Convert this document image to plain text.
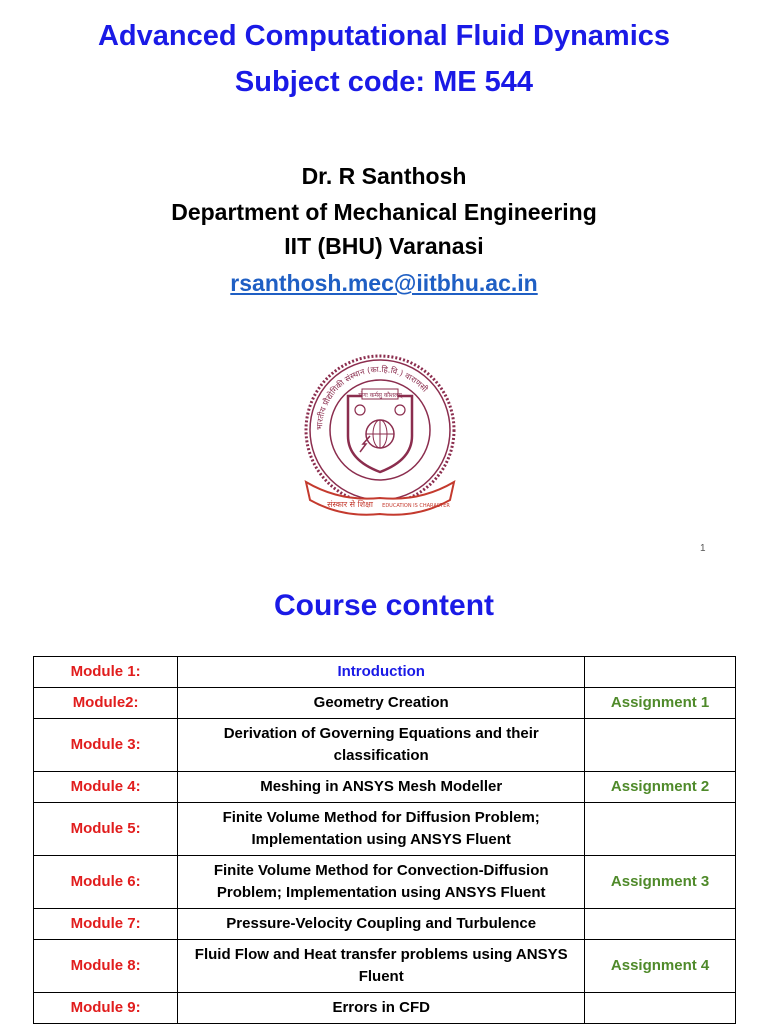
Advanced Computational Fluid Dynamics
Subject code: ME 544
Dr. R Santhosh
Department of Mechanical Engineering
IIT (BHU) Varanasi
rsanthosh.mec@iitbhu.ac.in
भारतीय प्रौद्योगिकी संस्थान (का.हि.वि.) वाराणसी
योगः कर्मसु कौशलम्
संस्कार से शिक्षा EDUCATION IS CHARACTER
1
Course content
Module 1:	Introduction	
Module2:	Geometry Creation	Assignment 1
Module 3:	Derivation of Governing Equations and their classification	
Module 4:	Meshing in ANSYS Mesh Modeller	Assignment 2
Module 5:	Finite Volume Method for Diffusion Problem; Implementation using ANSYS Fluent	
Module 6:	Finite Volume Method for Convection-Diffusion Problem; Implementation using ANSYS Fluent	Assignment 3
Module 7:	Pressure-Velocity Coupling and Turbulence	
Module 8:	Fluid Flow and Heat transfer problems using ANSYS Fluent	Assignment 4
Module 9:	Errors in CFD	
